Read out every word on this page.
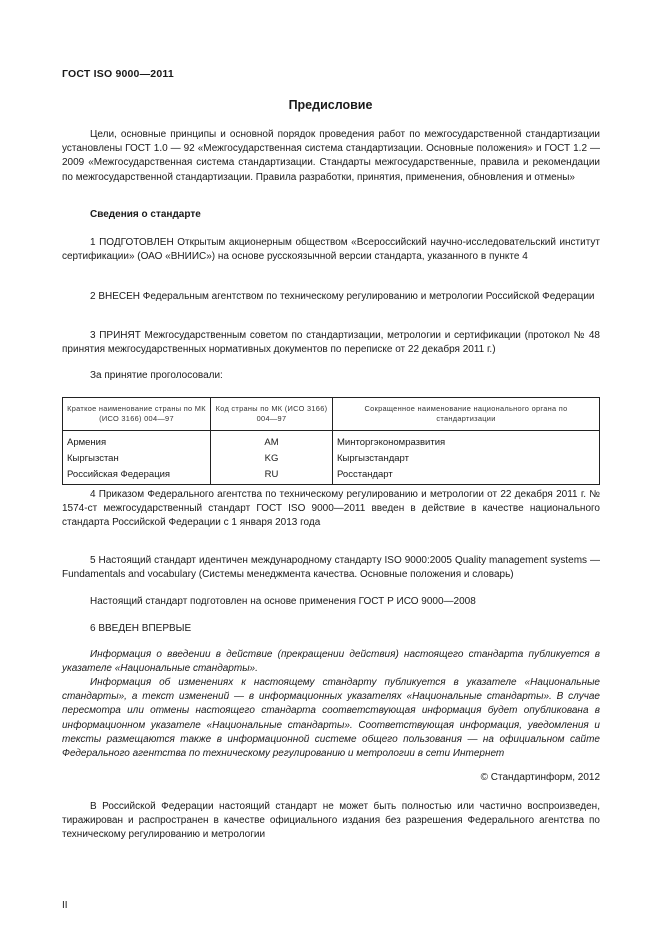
ГОСТ ISO 9000—2011
Предисловие
Цели, основные принципы и основной порядок проведения работ по межгосударственной стандартизации установлены ГОСТ 1.0 — 92 «Межгосударственная система стандартизации. Основные положения» и ГОСТ 1.2 — 2009 «Межгосударственная система стандартизации. Стандарты межгосударственные, правила и рекомендации по межгосударственной стандартизации. Правила разработки, принятия, применения, обновления и отмены»
Сведения о стандарте
1 ПОДГОТОВЛЕН Открытым акционерным обществом «Всероссийский научно-исследовательский институт сертификации» (ОАО «ВНИИС») на основе русскоязычной версии стандарта, указанного в пункте 4
2 ВНЕСЕН Федеральным агентством по техническому регулированию и метрологии Российской Федерации
3 ПРИНЯТ Межгосударственным советом по стандартизации, метрологии и сертификации (протокол № 48 принятия межгосударственных нормативных документов по переписке от 22 декабря 2011 г.)
За принятие проголосовали:
Краткое наименование страны по МК (ИСО 3166) 004—97	Код страны по МК (ИСО 3166) 004—97	Сокращенное наименование национального органа по стандартизации
Армения	AM	Минторгэкономразвития
Кыргызстан	KG	Кыргызстандарт
Российская Федерация	RU	Росстандарт
4 Приказом Федерального агентства по техническому регулированию и метрологии от 22 декабря 2011 г. № 1574-ст межгосударственный стандарт ГОСТ ISO 9000—2011 введен в действие в качестве национального стандарта Российской Федерации с 1 января 2013 года
5 Настоящий стандарт идентичен международному стандарту ISO 9000:2005 Quality management systems — Fundamentals and vocabulary (Системы менеджмента качества. Основные положения и словарь)
Настоящий стандарт подготовлен на основе применения ГОСТ Р ИСО 9000—2008
6 ВВЕДЕН ВПЕРВЫЕ
Информация о введении в действие (прекращении действия) настоящего стандарта публикуется в указателе «Национальные стандарты».
Информация об изменениях к настоящему стандарту публикуется в указателе «Национальные стандарты», а текст изменений — в информационных указателях «Национальные стандарты». В случае пересмотра или отмены настоящего стандарта соответствующая информация будет опубликована в информационном указателе «Национальные стандарты». Соответствующая информация, уведомления и тексты размещаются также в информационной системе общего пользования — на официальном сайте Федерального агентства по техническому регулированию и метрологии в сети Интернет
© Стандартинформ, 2012
В Российской Федерации настоящий стандарт не может быть полностью или частично воспроизведен, тиражирован и распространен в качестве официального издания без разрешения Федерального агентства по техническому регулированию и метрологии
II
